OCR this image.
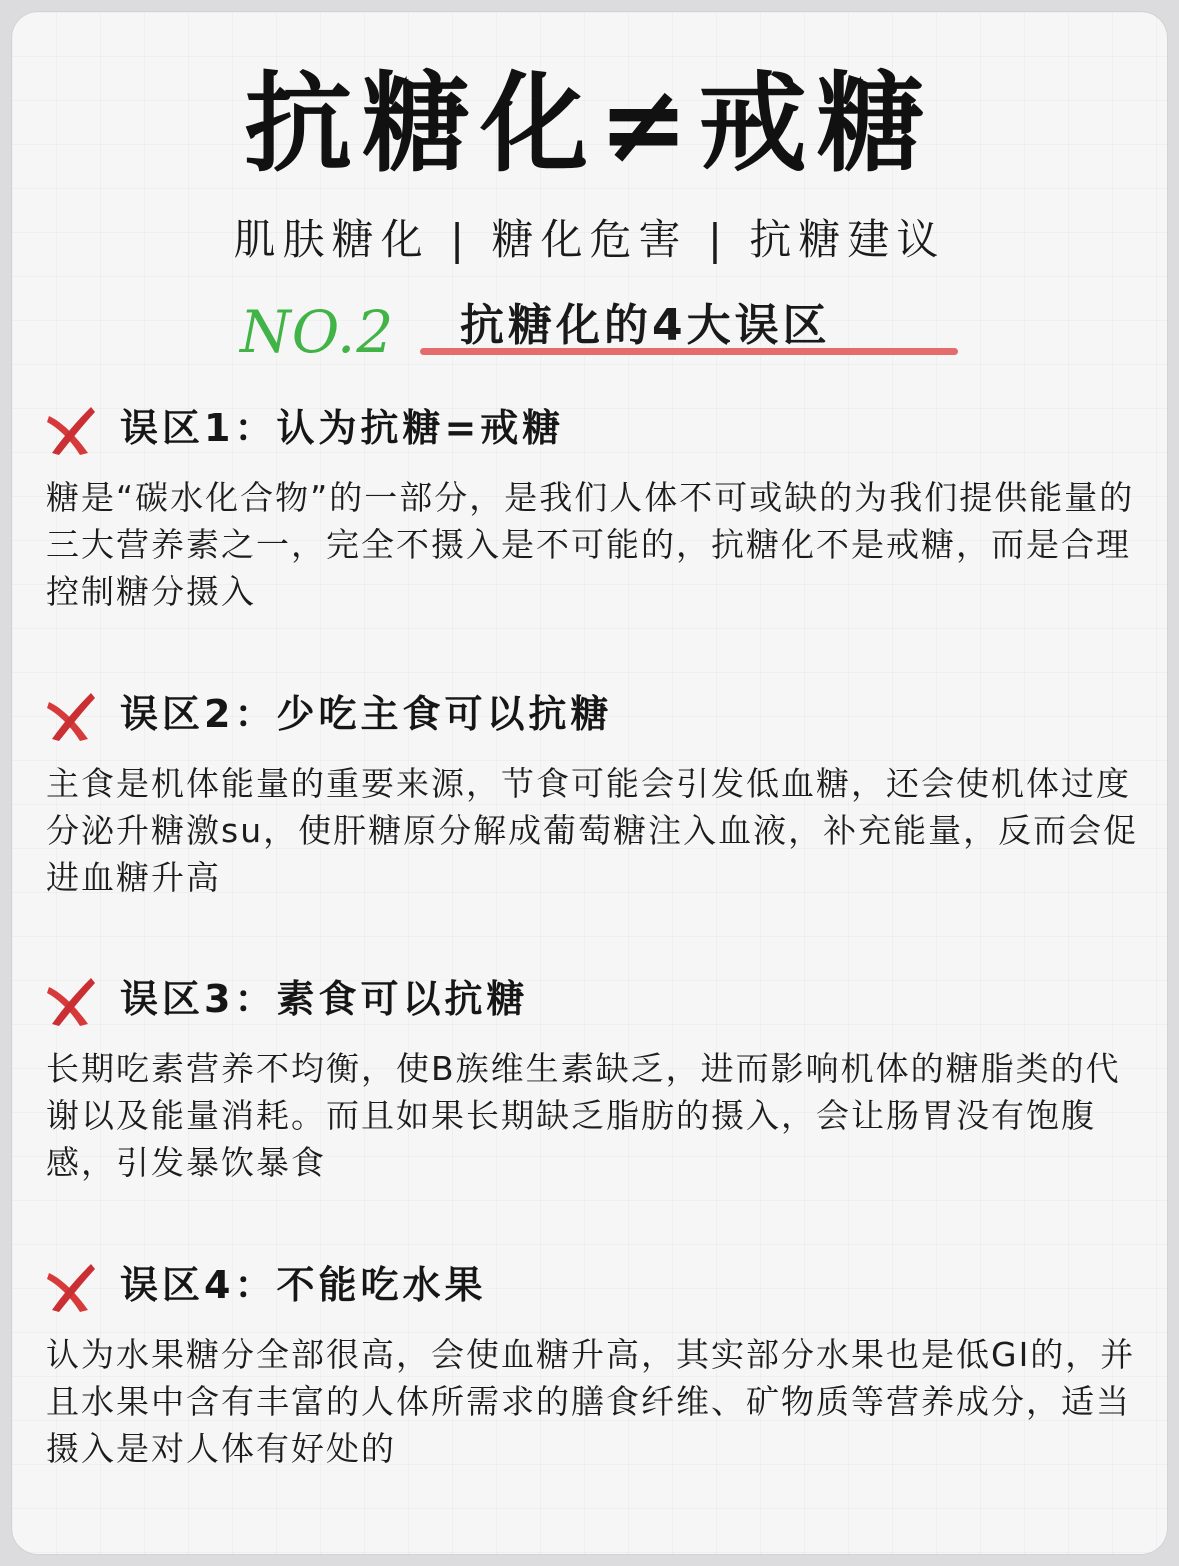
抗糖化≠戒糖
肌肤糖化 | 糖化危害 | 抗糖建议
NO.2 抗糖化的4大误区
误区1：认为抗糖=戒糖
糖是“碳水化合物”的一部分，是我们人体不可或缺的为我们提供能量的三大营养素之一，完全不摄入是不可能的，抗糖化不是戒糖，而是合理控制糖分摄入
误区2：少吃主食可以抗糖
主食是机体能量的重要来源，节食可能会引发低血糖，还会使机体过度分泌升糖激su，使肝糖原分解成葡萄糖注入血液，补充能量，反而会促进血糖升高
误区3：素食可以抗糖
长期吃素营养不均衡，使B族维生素缺乏，进而影响机体的糖脂类的代谢以及能量消耗。而且如果长期缺乏脂肪的摄入，会让肠胃没有饱腹感，引发暴饮暴食
误区4：不能吃水果
认为水果糖分全部很高，会使血糖升高，其实部分水果也是低GI的，并且水果中含有丰富的人体所需求的膳食纤维、矿物质等营养成分，适当摄入是对人体有好处的
